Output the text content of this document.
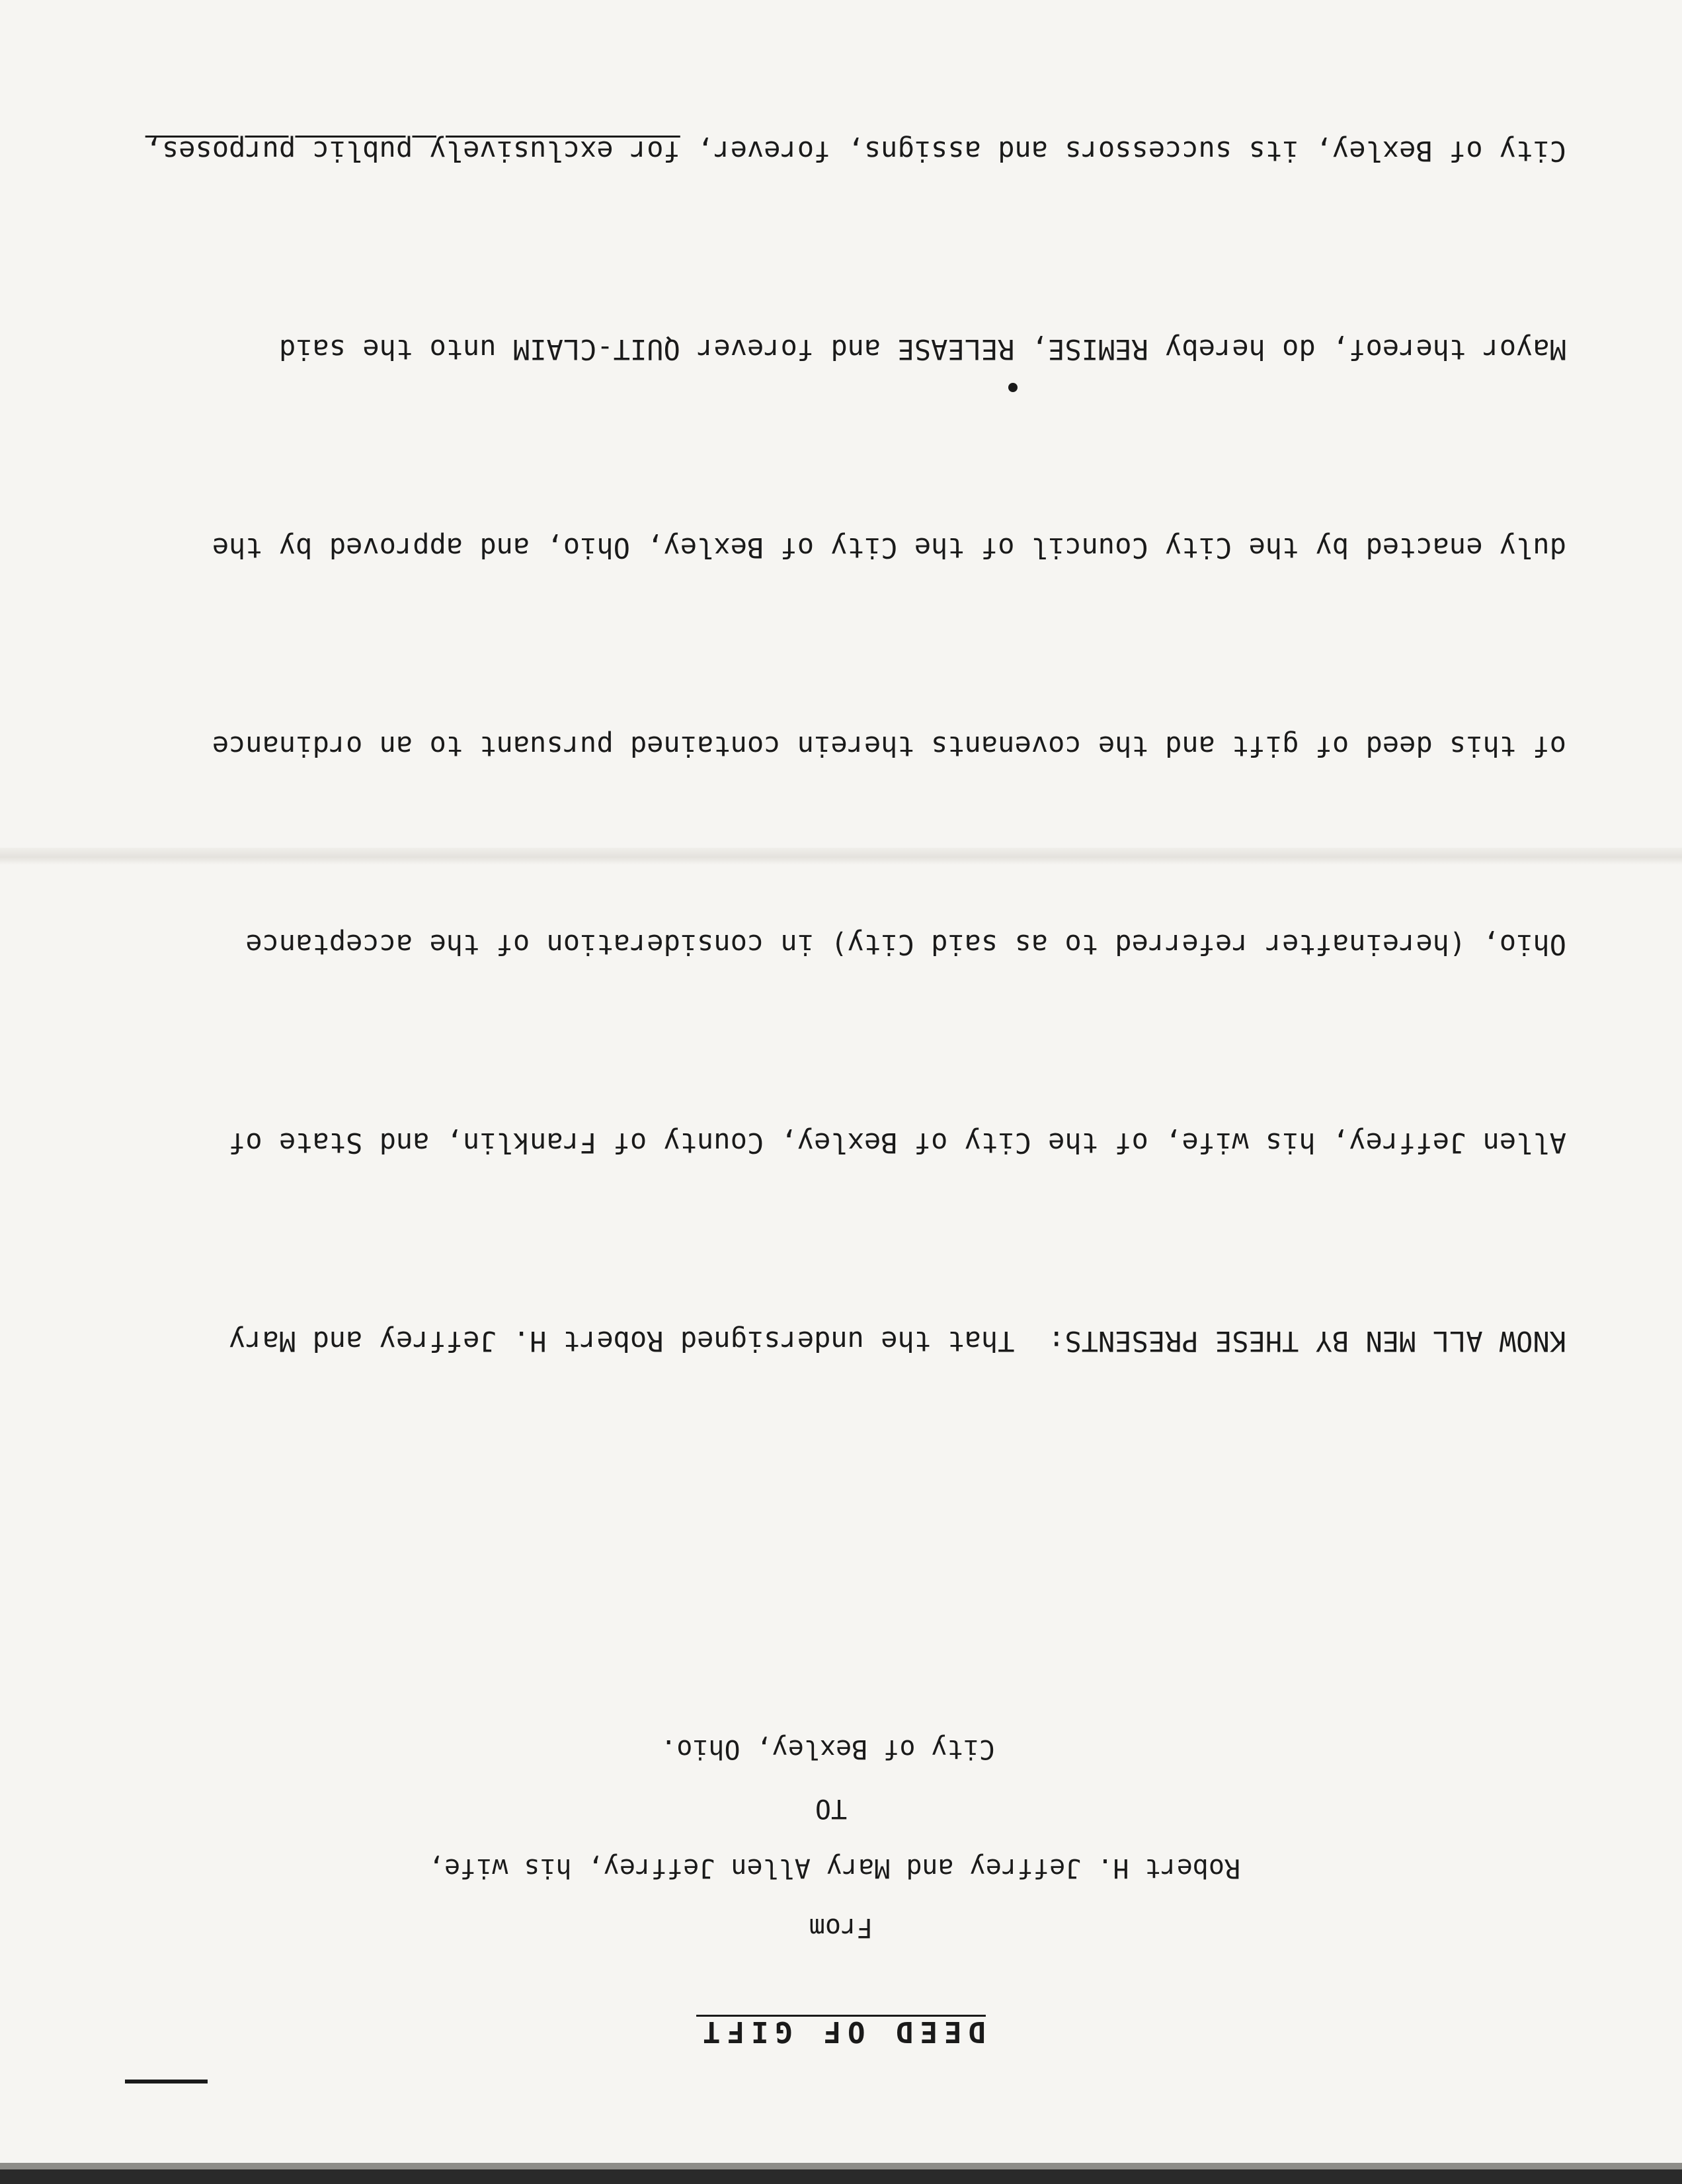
DEED OF GIFT
From
Robert H. Jeffrey and Mary Allen Jeffrey, his wife,
TO
City of Bexley, Ohio.

KNOW ALL MEN BY THESE PRESENTS:  That the undersigned Robert H. Jeffrey and Mary

Allen Jeffrey, his wife, of the City of Bexley, County of Franklin, and State of

Ohio, (hereinafter referred to as said City) in consideration of the acceptance

of this deed of gift and the covenants therein contained pursuant to an ordinance

duly enacted by the City Council of the City of Bexley, Ohio, and approved by the

Mayor thereof, do hereby REMISE, RELEASE and forever QUIT-CLAIM unto the said

City of Bexley, its successors and assigns, forever, for exclusively public purposes,
